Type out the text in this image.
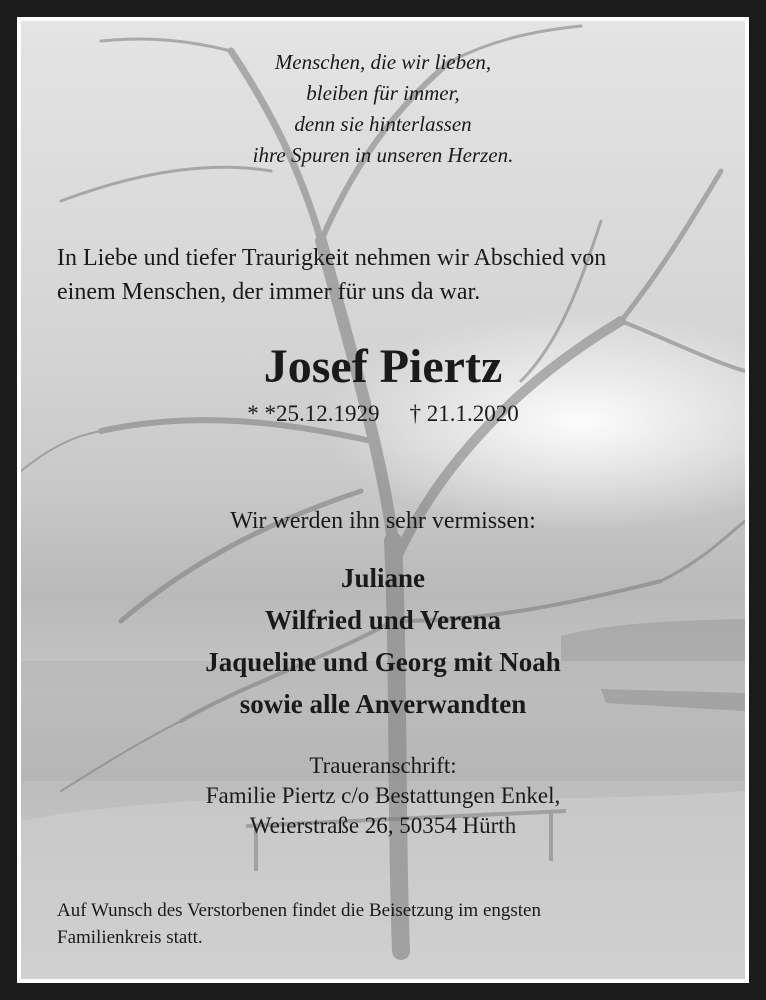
Menschen, die wir lieben,
bleiben für immer,
denn sie hinterlassen
ihre Spuren in unseren Herzen.
In Liebe und tiefer Traurigkeit nehmen wir Abschied von
einem Menschen, der immer für uns da war.
Josef Piertz
* *25.12.1929 † 21.1.2020
Wir werden ihn sehr vermissen:
Juliane
Wilfried und Verena
Jaqueline und Georg mit Noah
sowie alle Anverwandten
Traueranschrift:
Familie Piertz c/o Bestattungen Enkel,
Weierstraße 26, 50354 Hürth
Auf Wunsch des Verstorbenen findet die Beisetzung im engsten
Familienkreis statt.
